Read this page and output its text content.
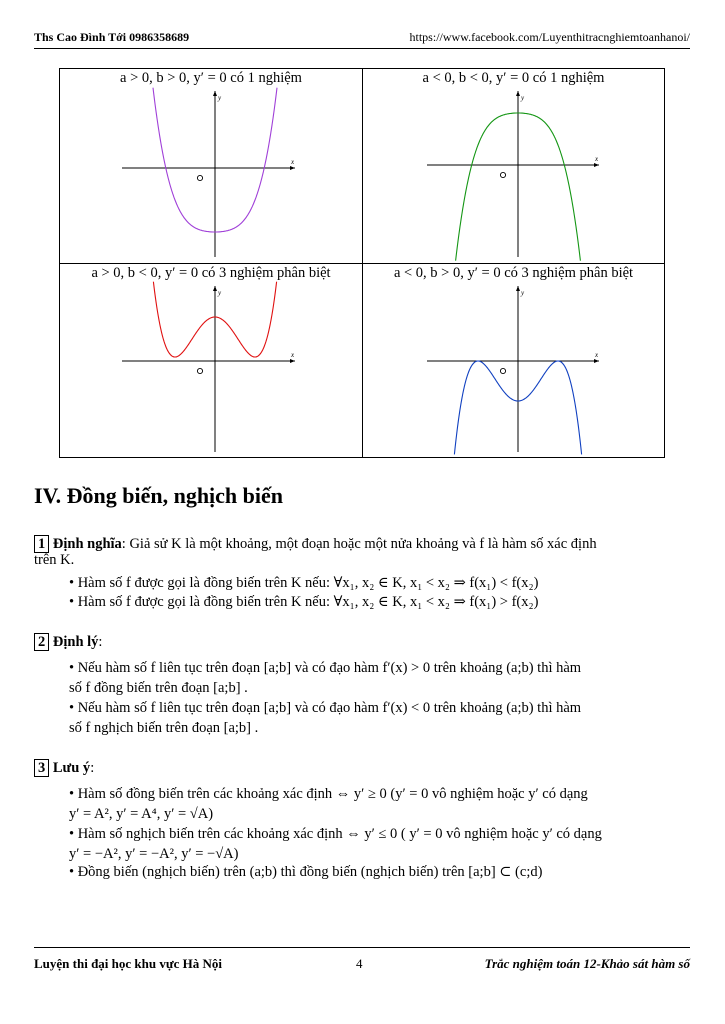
Ths Cao Đình Tới 0986358689	https://www.facebook.com/Luyenthitracnghiemtoanhanoi/
a > 0, b > 0, y′ = 0 có 1 nghiệm
x
y
a < 0, b < 0, y′ = 0 có 1 nghiệm
x
y
a > 0, b < 0, y′ = 0 có 3 nghiệm phân biệt
x
y
a < 0, b > 0, y′ = 0 có 3 nghiệm phân biệt
x
y
IV. Đồng biến, nghịch biến
1 Định nghĩa: Giả sử K là một khoảng, một đoạn hoặc một nửa khoảng và f là hàm số xác định
trên K.
• Hàm số f được gọi là đồng biến trên K nếu: ∀x₁, x₂ ∈ K, x₁ < x₂ ⇒ f(x₁) < f(x₂)
• Hàm số f được gọi là đồng biến trên K nếu: ∀x₁, x₂ ∈ K, x₁ < x₂ ⇒ f(x₁) > f(x₂)
2 Định lý:
• Nếu hàm số f liên tục trên đoạn [a;b] và có đạo hàm f′(x) > 0 trên khoảng (a;b) thì hàm
số f đồng biến trên đoạn [a;b] .
• Nếu hàm số f liên tục trên đoạn [a;b] và có đạo hàm f′(x) < 0 trên khoảng (a;b) thì hàm
số f nghịch biến trên đoạn [a;b] .
3 Lưu ý:
• Hàm số đồng biến trên các khoảng xác định ⇔ y′ ≥ 0 (y′ = 0 vô nghiệm hoặc y′ có dạng
y′ = A², y′ = A⁴, y′ = √A)
• Hàm số nghịch biến trên các khoảng xác định ⇔ y′ ≤ 0 ( y′ = 0 vô nghiệm hoặc y′ có dạng
y′ = −A², y′ = −A², y′ = −√A)
• Đồng biến (nghịch biến) trên (a;b) thì đồng biến (nghịch biến) trên [a;b] ⊂ (c;d)
Luyện thi đại học khu vực Hà Nội	4	Trắc nghiệm toán 12-Khảo sát hàm số
